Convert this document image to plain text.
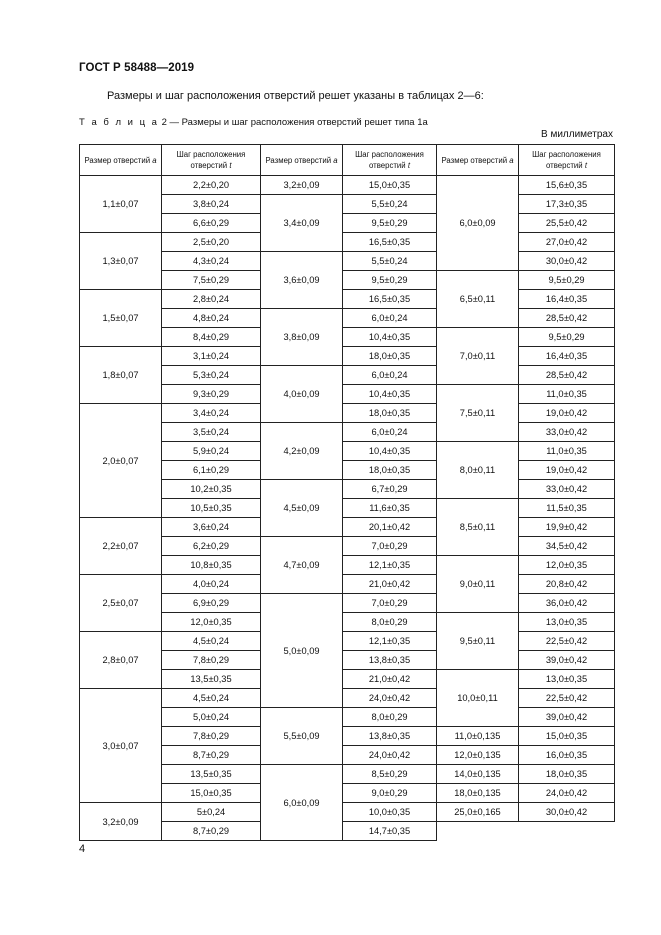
ГОСТ Р 58488—2019
Размеры и шаг расположения отверстий решет указаны в таблицах 2—6:
Т а б л и ц а 2 — Размеры и шаг расположения отверстий решет типа 1а
В миллиметрах
Размер отверстий a	Шаг расположения отверстий t	Размер отверстий a	Шаг расположения отверстий t	Размер отверстий a	Шаг расположения отверстий t
1,1±0,07	2,2±0,20	3,2±0,09	15,0±0,35	6,0±0,09	15,6±0,35
	3,8±0,24	3,4±0,09	5,5±0,24		17,3±0,35
	6,6±0,29		9,5±0,29		25,5±0,42
1,3±0,07	2,5±0,20		16,5±0,35		27,0±0,42
	4,3±0,24	3,6±0,09	5,5±0,24		30,0±0,42
	7,5±0,29		9,5±0,29	6,5±0,11	9,5±0,29
1,5±0,07	2,8±0,24		16,5±0,35		16,4±0,35
	4,8±0,24	3,8±0,09	6,0±0,24		28,5±0,42
	8,4±0,29		10,4±0,35	7,0±0,11	9,5±0,29
1,8±0,07	3,1±0,24		18,0±0,35		16,4±0,35
	5,3±0,24	4,0±0,09	6,0±0,24		28,5±0,42
	9,3±0,29		10,4±0,35	7,5±0,11	11,0±0,35
2,0±0,07	3,4±0,24		18,0±0,35		19,0±0,42
	3,5±0,24	4,2±0,09	6,0±0,24		33,0±0,42
	5,9±0,24		10,4±0,35	8,0±0,11	11,0±0,35
	6,1±0,29		18,0±0,35		19,0±0,42
	10,2±0,35	4,5±0,09	6,7±0,29		33,0±0,42
	10,5±0,35		11,6±0,35	8,5±0,11	11,5±0,35
2,2±0,07	3,6±0,24		20,1±0,42		19,9±0,42
	6,2±0,29	4,7±0,09	7,0±0,29		34,5±0,42
	10,8±0,35		12,1±0,35	9,0±0,11	12,0±0,35
2,5±0,07	4,0±0,24		21,0±0,42		20,8±0,42
	6,9±0,29	5,0±0,09	7,0±0,29		36,0±0,42
	12,0±0,35		8,0±0,29	9,5±0,11	13,0±0,35
2,8±0,07	4,5±0,24		12,1±0,35		22,5±0,42
	7,8±0,29		13,8±0,35		39,0±0,42
	13,5±0,35		21,0±0,42	10,0±0,11	13,0±0,35
3,0±0,07	4,5±0,24		24,0±0,42		22,5±0,42
	5,0±0,24	5,5±0,09	8,0±0,29		39,0±0,42
	7,8±0,29		13,8±0,35	11,0±0,135	15,0±0,35
	8,7±0,29		24,0±0,42	12,0±0,135	16,0±0,35
	13,5±0,35	6,0±0,09	8,5±0,29	14,0±0,135	18,0±0,35
	15,0±0,35		9,0±0,29	18,0±0,135	24,0±0,42
3,2±0,09	5±0,24		10,0±0,35	25,0±0,165	30,0±0,42
	8,7±0,29		14,7±0,35		
4
